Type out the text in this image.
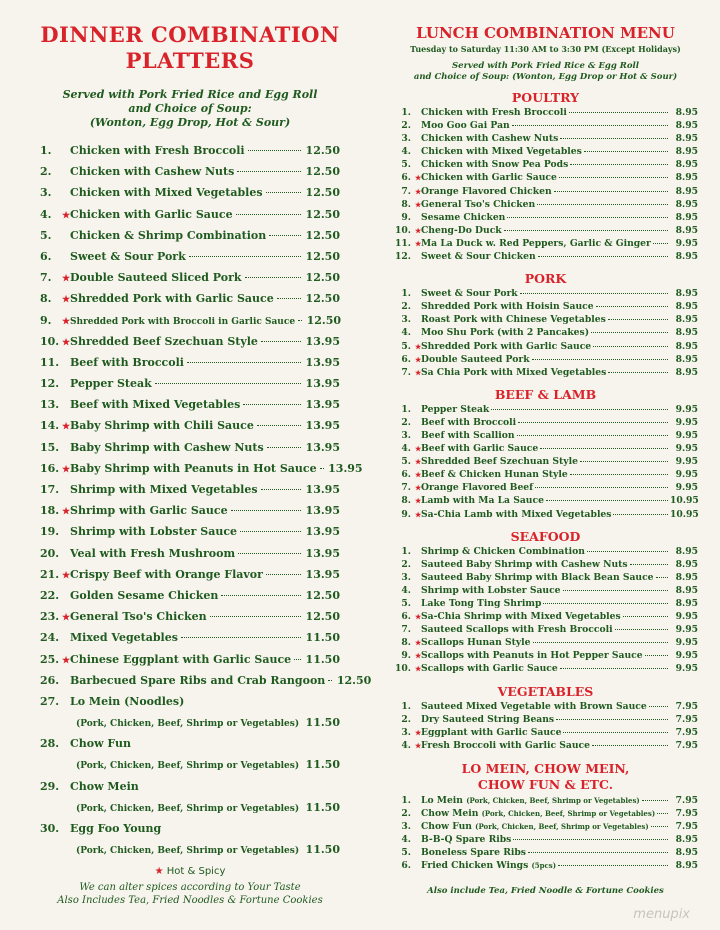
DINNER COMBINATION
PLATTERS
Served with Pork Fried Rice and Egg Roll
and Choice of Soup:
(Wonton, Egg Drop, Hot & Sour)
1.	Chicken with Fresh Broccoli	12.50
2.	Chicken with Cashew Nuts	12.50
3.	Chicken with Mixed Vegetables	12.50
4.	★ Chicken with Garlic Sauce	12.50
5.	Chicken & Shrimp Combination	12.50
6.	Sweet & Sour Pork	12.50
7.	★ Double Sauteed Sliced Pork	12.50
8.	★ Shredded Pork with Garlic Sauce	12.50
9.	★ Shredded Pork with Broccoli in Garlic Sauce 12.50
10. ★ Shredded Beef Szechuan Style	13.95
11. Beef with Broccoli	13.95
12. Pepper Steak	13.95
13. Beef with Mixed Vegetables	13.95
14. ★ Baby Shrimp with Chili Sauce	13.95
15. Baby Shrimp with Cashew Nuts	13.95
16. ★ Baby Shrimp with Peanuts in Hot Sauce 13.95
17. Shrimp with Mixed Vegetables	13.95
18. ★ Shrimp with Garlic Sauce	13.95
19. Shrimp with Lobster Sauce	13.95
20. Veal with Fresh Mushroom	13.95
21. ★ Crispy Beef with Orange Flavor	13.95
22. Golden Sesame Chicken	12.50
23. ★ General Tso's Chicken	12.50
24. Mixed Vegetables	11.50
25. ★ Chinese Eggplant with Garlic Sauce 11.50
26. Barbecued Spare Ribs and Crab Rangoon 12.50
27. Lo Mein (Noodles)
(Pork, Chicken, Beef, Shrimp or Vegetables) 11.50
28. Chow Fun
(Pork, Chicken, Beef, Shrimp or Vegetables) 11.50
29. Chow Mein
(Pork, Chicken, Beef, Shrimp or Vegetables) 11.50
30. Egg Foo Young
(Pork, Chicken, Beef, Shrimp or Vegetables) 11.50
★ Hot & Spicy
We can alter spices according to Your Taste
Also Includes Tea, Fried Noodles & Fortune Cookies
LUNCH COMBINATION MENU
Tuesday to Saturday 11:30 AM to 3:30 PM (Except Holidays)
Served with Pork Fried Rice & Egg Roll
and Choice of Soup: (Wonton, Egg Drop or Hot & Sour)
POULTRY
1.	Chicken with Fresh Broccoli	8.95
2.	Moo Goo Gai Pan	8.95
3.	Chicken with Cashew Nuts	8.95
4.	Chicken with Mixed Vegetables	8.95
5.	Chicken with Snow Pea Pods	8.95
6. ★ Chicken with Garlic Sauce	8.95
7. ★ Orange Flavored Chicken	8.95
8. ★ General Tso's Chicken	8.95
9.	Sesame Chicken	8.95
10. ★ Cheng-Do Duck	8.95
11. ★ Ma La Duck w. Red Peppers, Garlic & Ginger	9.95
12.	Sweet & Sour Chicken	8.95
PORK
1.	Sweet & Sour Pork	8.95
2.	Shredded Pork with Hoisin Sauce	8.95
3.	Roast Pork with Chinese Vegetables	8.95
4.	Moo Shu Pork (with 2 Pancakes)	8.95
5. ★ Shredded Pork with Garlic Sauce	8.95
6. ★ Double Sauteed Pork	8.95
7. ★ Sa Chia Pork with Mixed Vegetables	8.95
BEEF & LAMB
1.	Pepper Steak	9.95
2.	Beef with Broccoli	9.95
3.	Beef with Scallion	9.95
4. ★ Beef with Garlic Sauce	9.95
5. ★ Shredded Beef Szechuan Style	9.95
6. ★ Beef & Chicken Hunan Style	9.95
7. ★ Orange Flavored Beef	9.95
8. ★ Lamb with Ma La Sauce	10.95
9. ★ Sa-Chia Lamb with Mixed Vegetables	10.95
SEAFOOD
1.	Shrimp & Chicken Combination	8.95
2.	Sauteed Baby Shrimp with Cashew Nuts	8.95
3.	Sauteed Baby Shrimp with Black Bean Sauce	8.95
4.	Shrimp with Lobster Sauce	8.95
5.	Lake Tong Ting Shrimp	8.95
6. ★ Sa-Chia Shrimp with Mixed Vegetables	9.95
7.	Sauteed Scallops with Fresh Broccoli	9.95
8. ★ Scallops Hunan Style	9.95
9. ★ Scallops with Peanuts in Hot Pepper Sauce	9.95
10. ★ Scallops with Garlic Sauce	9.95
VEGETABLES
1.	Sauteed Mixed Vegetable with Brown Sauce	7.95
2.	Dry Sauteed String Beans	7.95
3. ★ Eggplant with Garlic Sauce	7.95
4. ★ Fresh Broccoli with Garlic Sauce	7.95
LO MEIN, CHOW MEIN,
CHOW FUN & ETC.
1.	Lo Mein (Pork, Chicken, Beef, Shrimp or Vegetables)	7.95
2.	Chow Mein (Pork, Chicken, Beef, Shrimp or Vegetables)	7.95
3.	Chow Fun (Pork, Chicken, Beef, Shrimp or Vegetables)	7.95
4.	B-B-Q Spare Ribs	8.95
5.	Boneless Spare Ribs	8.95
6.	Fried Chicken Wings (5pcs)	8.95
Also include Tea, Fried Noodle & Fortune Cookies
menupix
